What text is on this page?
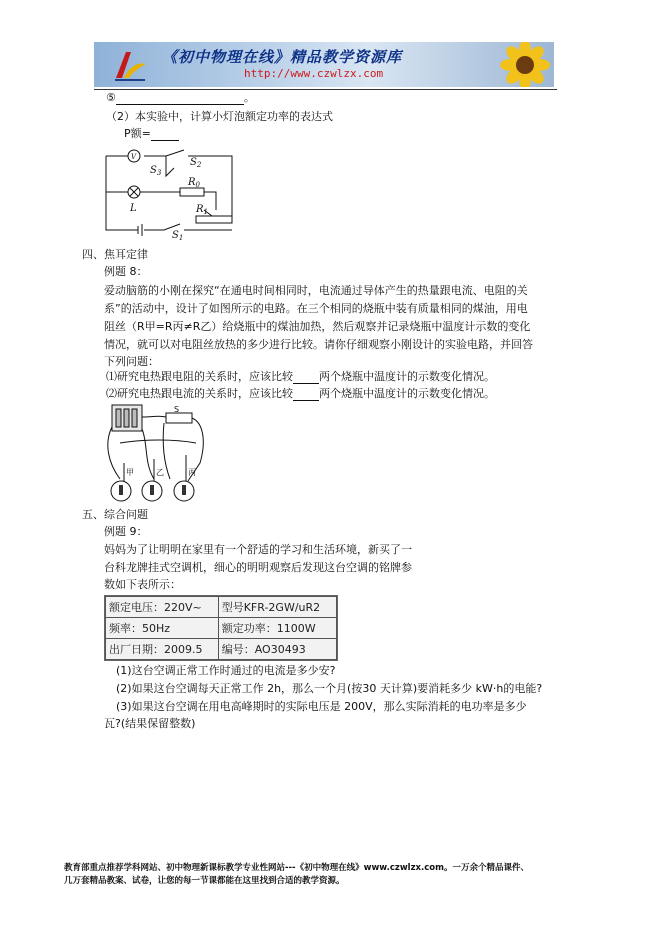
《初中物理在线》精品教学资源库
http://www.czwlzx.com
⑤	。
（2）本实验中，计算小灯泡额定功率的表达式
P额=
V
$S_3$
$S_2$
$R_0$
L	$R_1$
$S_1$
四、焦耳定律
例题 8：
爱动脑筋的小刚在探究“在通电时间相同时，电流通过导体产生的热量跟电流、电阻的关
系”的活动中，设计了如图所示的电路。在三个相同的烧瓶中装有质量相同的煤油，用电
阻丝（R甲=R丙≠R乙）给烧瓶中的煤油加热，然后观察并记录烧瓶中温度计示数的变化
情况，就可以对电阻丝放热的多少进行比较。请你仔细观察小刚设计的实验电路，并回答
下列问题：
⑴研究电热跟电阻的关系时，应该比较 两个烧瓶中温度计的示数变化情况。
⑵研究电热跟电流的关系时，应该比较 两个烧瓶中温度计的示数变化情况。
甲	乙	丙
S
五、综合问题
例题 9：
妈妈为了让明明在家里有一个舒适的学习和生活环境，新买了一
台科龙牌挂式空调机，细心的明明观察后发现这台空调的铭牌参
数如下表所示：
额定电压：220V~	型号KFR-2GW/uR2
频率：50Hz	额定功率：1100W
出厂日期：2009.5	编号：AO30493
(1)这台空调正常工作时通过的电流是多少安?
(2)如果这台空调每天正常工作 2h，那么一个月(按30 天计算)要消耗多少 kW·h的电能?
(3)如果这台空调在用电高峰期时的实际电压是 200V，那么实际消耗的电功率是多少
瓦?(结果保留整数)
教育部重点推荐学科网站、初中物理新课标教学专业性网站---《初中物理在线》www.czwlzx.com。一万余个精品课件、
几万套精品教案、试卷，让您的每一节课都能在这里找到合适的教学资源。
